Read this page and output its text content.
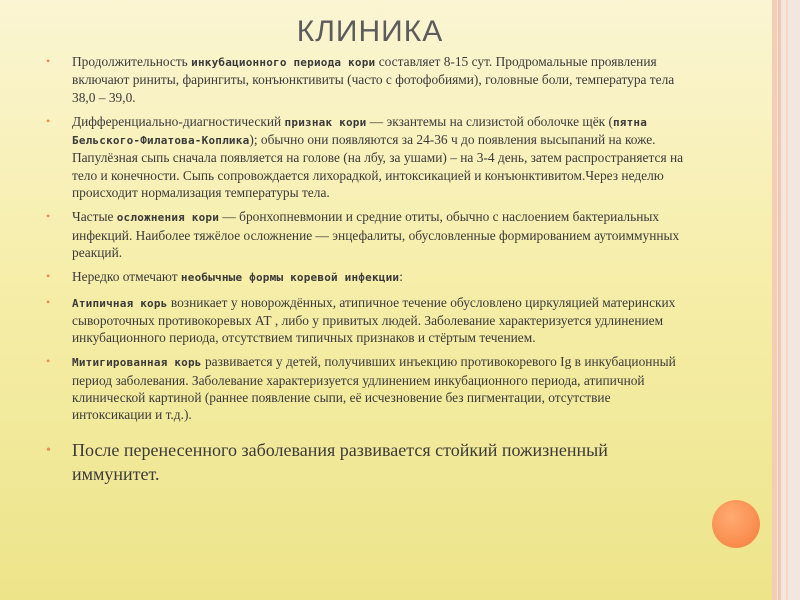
КЛИНИКА
• Продолжительность инкубационного периода кори составляет 8-15 сут. Продромальные проявления включают риниты, фарингиты, конъюнктивиты (часто с фотофобиями), головные боли, температура тела 38,0 – 39,0.
• Дифференциально-диагностический признак кори — экзантемы на слизистой оболочке щёк (пятна Бельского-Филатова-Коплика); обычно они появляются за 24-36 ч до появления высыпаний на коже. Папулёзная сыпь сначала появляется на голове (на лбу, за ушами) – на 3-4 день, затем распространяется на тело и конечности. Сыпь сопровождается лихорадкой, интоксикацией и конъюнктивитом.Через неделю происходит нормализация температуры тела.
• Частые осложнения кори — бронхопневмонии и средние отиты, обычно с наслоением бактериальных инфекций. Наиболее тяжёлое осложнение — энцефалиты, обусловленные формированием аутоиммунных реакций.
• Нередко отмечают необычные формы коревой инфекции:
• Атипичная корь возникает у новорождённых, атипичное течение обусловлено циркуляцией материнских сывороточных противокоревых АТ , либо у привитых людей. Заболевание характеризуется удлинением инкубационного периода, отсутствием типичных признаков и стёртым течением.
• Митигированная корь развивается у детей, получивших инъекцию противокоревого Ig в инкубационный период заболевания. Заболевание характеризуется удлинением инкубационного периода, атипичной клинической картиной (раннее появление сыпи, её исчезновение без пигментации, отсутствие интоксикации и т.д.).
• После перенесенного заболевания развивается стойкий пожизненный иммунитет.
